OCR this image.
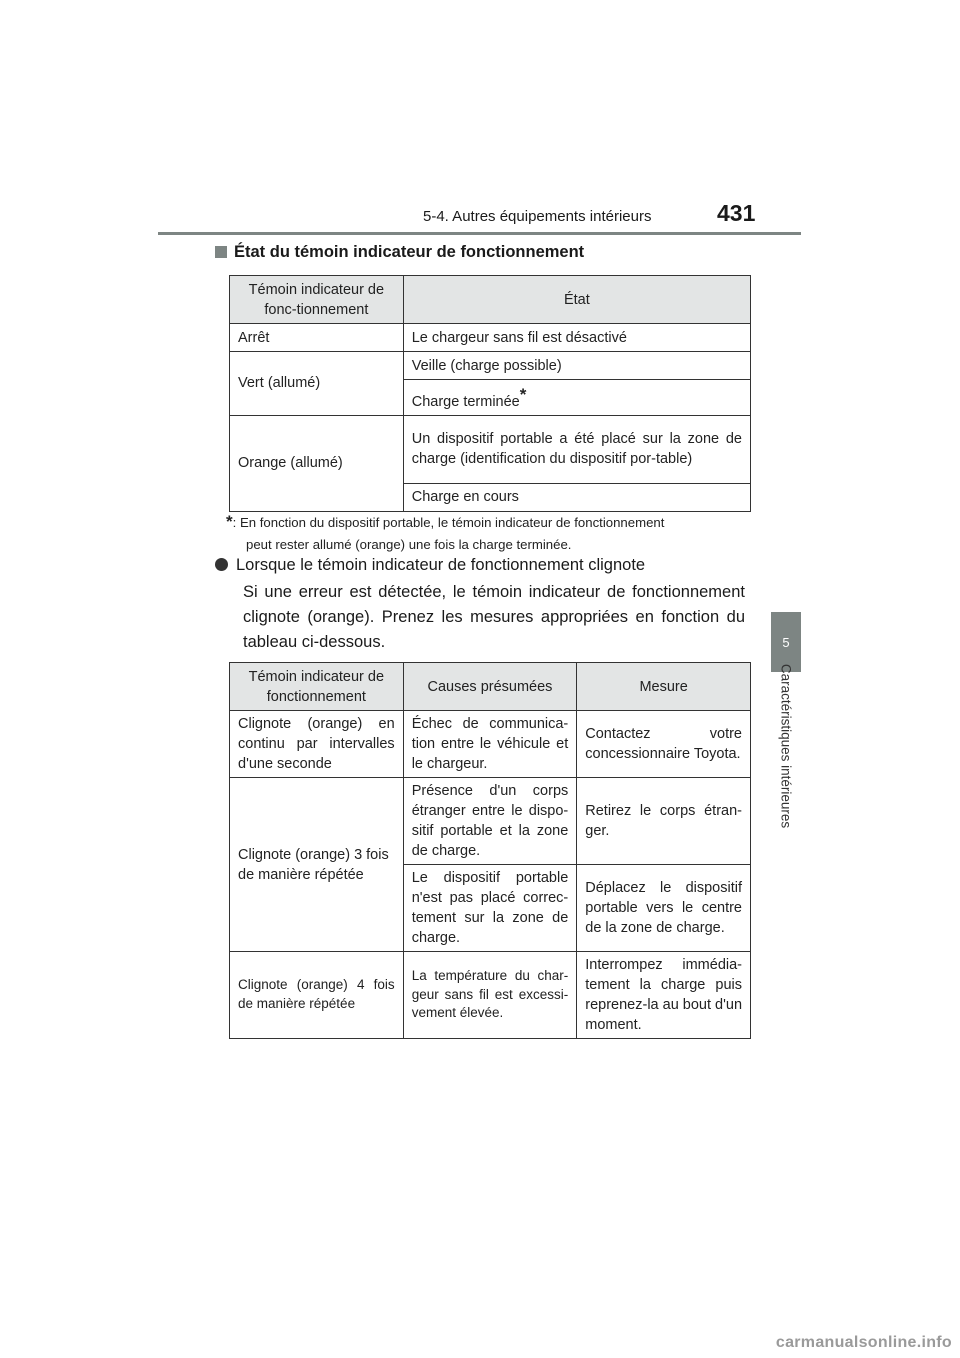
5-4. Autres équipements intérieurs	431
5
Caractéristiques intérieures
État du témoin indicateur de fonctionnement
Témoin indicateur de fonc-tionnement	État
Arrêt	Le chargeur sans fil est désactivé
Vert (allumé)	Veille (charge possible)
	Charge terminée*
Orange (allumé)	Un dispositif portable a été placé sur la zone de charge (identification du dispositif por-table)
	Charge en cours
*: En fonction du dispositif portable, le témoin indicateur de fonctionnement
peut rester allumé (orange) une fois la charge terminée.
Lorsque le témoin indicateur de fonctionnement clignote
Si une erreur est détectée, le témoin indicateur de fonctionnement clignote (orange). Prenez les mesures appropriées en fonction du tableau ci-dessous.
Témoin indicateur de fonctionnement	Causes présumées	Mesure
Clignote (orange) en continu par intervalles d'une seconde	Échec de communica-tion entre le véhicule et le chargeur.	Contactez votre concessionnaire Toyota.
Clignote (orange) 3 fois de manière répétée	Présence d'un corps étranger entre le dispo-sitif portable et la zone de charge.	Retirez le corps étran-ger.
	Le dispositif portable n'est pas placé correc-tement sur la zone de charge.	Déplacez le dispositif portable vers le centre de la zone de charge.
Clignote (orange) 4 fois de manière répétée	La température du char-geur sans fil est excessi-vement élevée.	Interrompez immédia-tement la charge puis reprenez-la au bout d'un moment.
carmanualsonline.info
